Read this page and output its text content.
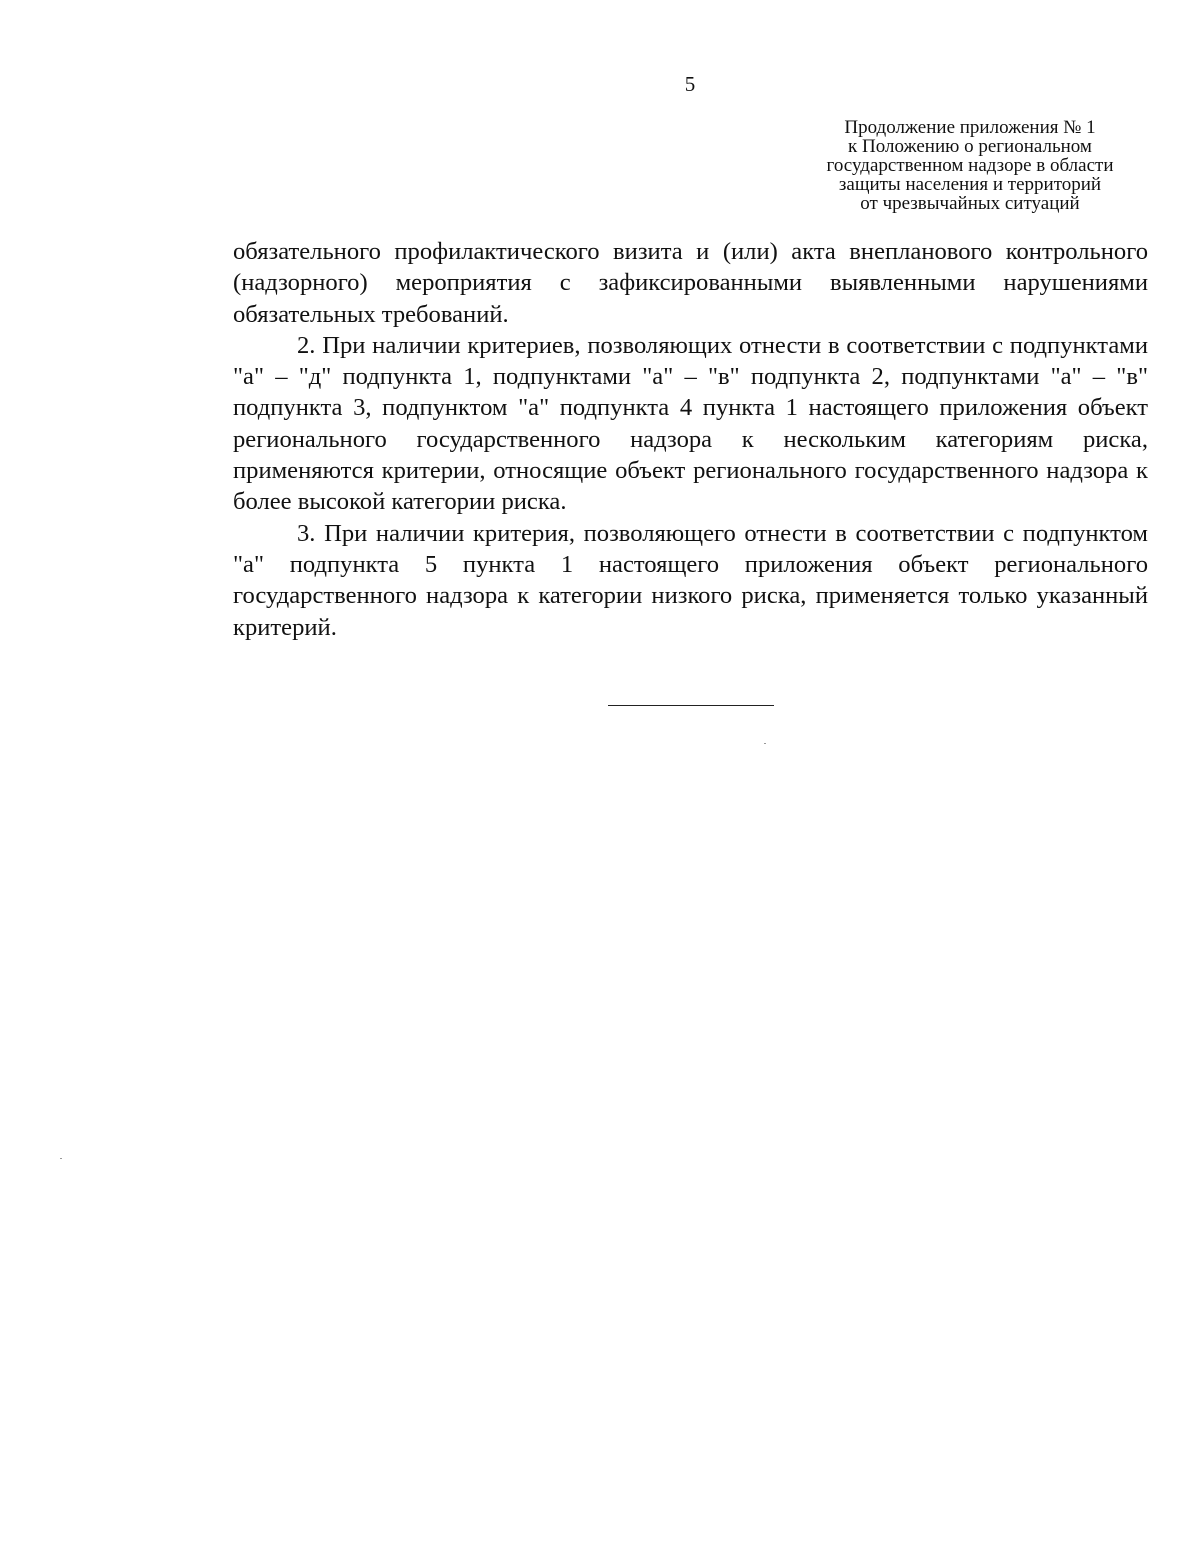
5
Продолжение приложения № 1
к Положению о региональном
государственном надзоре в области
защиты населения и территорий
от чрезвычайных ситуаций

обязательного профилактического визита и (или) акта внепланового контрольного (надзорного) мероприятия с зафиксированными выявленными нарушениями обязательных требований.

2. При наличии критериев, позволяющих отнести в соответствии с подпунктами "а" – "д" подпункта 1, подпунктами "а" – "в" подпункта 2, подпунктами "а" – "в" подпункта 3, подпунктом "а" подпункта 4 пункта 1 настоящего приложения объект регионального государственного надзора к нескольким категориям риска, применяются критерии, относящие объект регионального государственного надзора к более высокой категории риска.

3. При наличии критерия, позволяющего отнести в соответствии с подпунктом "а" подпункта 5 пункта 1 настоящего приложения объект регионального государственного надзора к категории низкого риска, применяется только указанный критерий.
